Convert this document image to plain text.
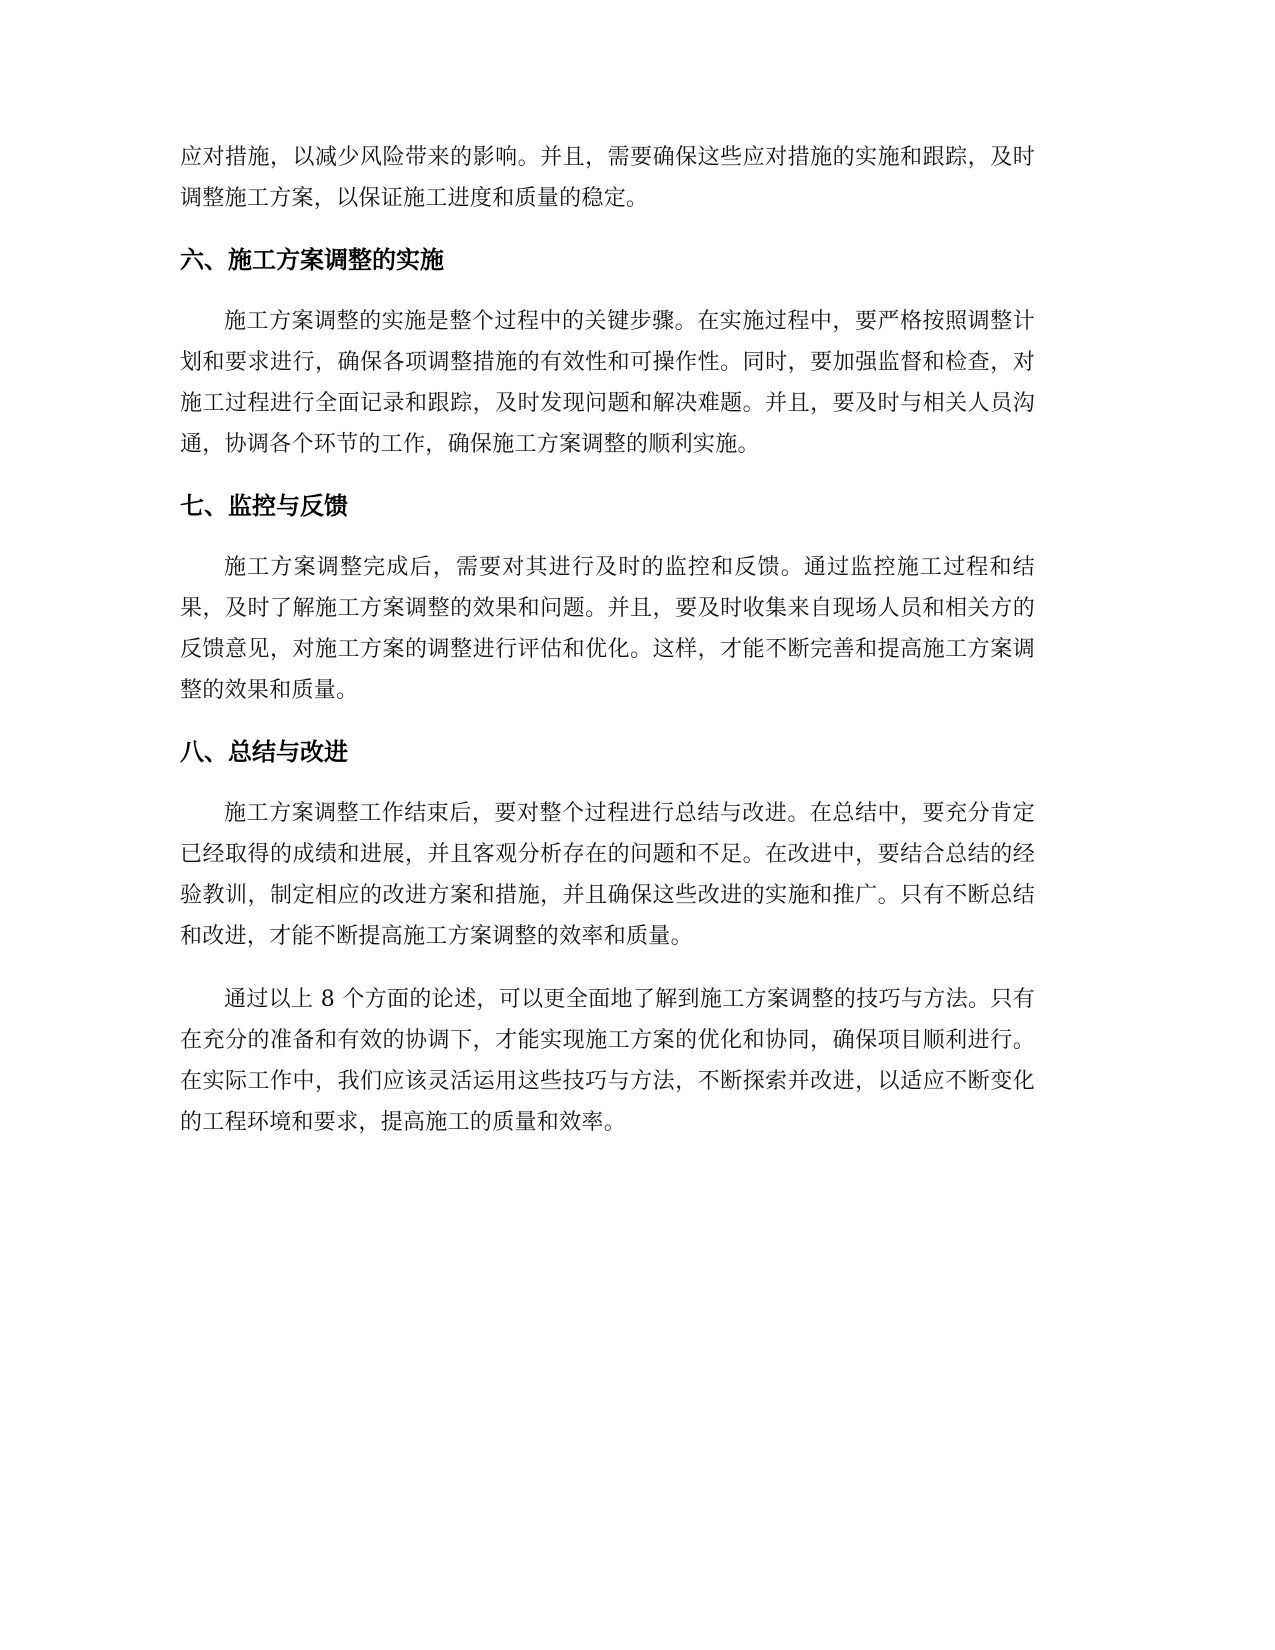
应对措施，以减少风险带来的影响。并且，需要确保这些应对措施的实施和跟踪，及时调整施工方案，以保证施工进度和质量的稳定。

六、施工方案调整的实施

施工方案调整的实施是整个过程中的关键步骤。在实施过程中，要严格按照调整计划和要求进行，确保各项调整措施的有效性和可操作性。同时，要加强监督和检查，对施工过程进行全面记录和跟踪，及时发现问题和解决难题。并且，要及时与相关人员沟通，协调各个环节的工作，确保施工方案调整的顺利实施。

七、监控与反馈

施工方案调整完成后，需要对其进行及时的监控和反馈。通过监控施工过程和结果，及时了解施工方案调整的效果和问题。并且，要及时收集来自现场人员和相关方的反馈意见，对施工方案的调整进行评估和优化。这样，才能不断完善和提高施工方案调整的效果和质量。

八、总结与改进

施工方案调整工作结束后，要对整个过程进行总结与改进。在总结中，要充分肯定已经取得的成绩和进展，并且客观分析存在的问题和不足。在改进中，要结合总结的经验教训，制定相应的改进方案和措施，并且确保这些改进的实施和推广。只有不断总结和改进，才能不断提高施工方案调整的效率和质量。

通过以上 8 个方面的论述，可以更全面地了解到施工方案调整的技巧与方法。只有在充分的准备和有效的协调下，才能实现施工方案的优化和协同，确保项目顺利进行。在实际工作中，我们应该灵活运用这些技巧与方法，不断探索并改进，以适应不断变化的工程环境和要求，提高施工的质量和效率。
